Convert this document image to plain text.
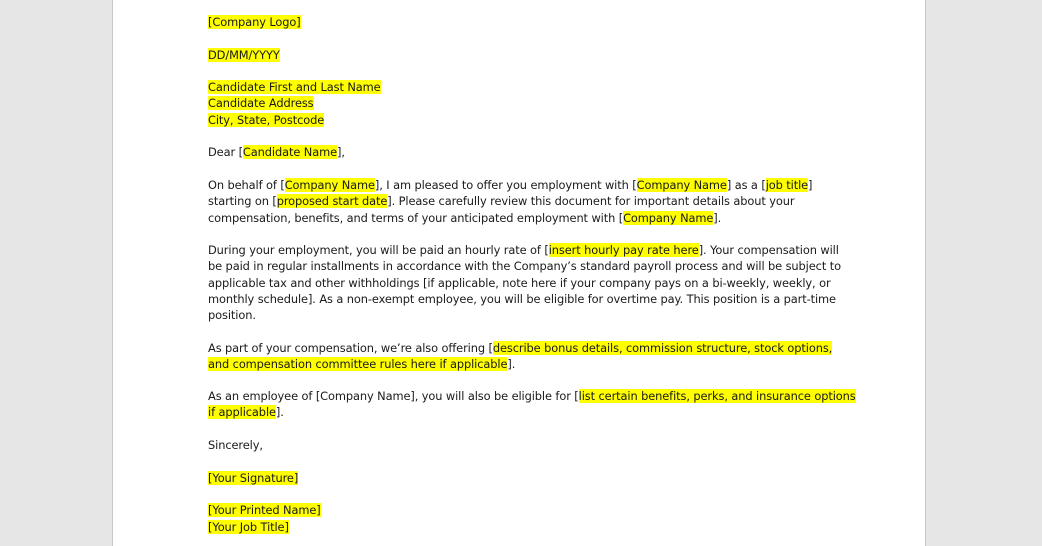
[Company Logo]
DD/MM/YYYY
Candidate First and Last Name
Candidate Address
City, State, Postcode
Dear [Candidate Name],
On behalf of [Company Name], I am pleased to offer you employment with [Company Name] as a [job title]
starting on [proposed start date]. Please carefully review this document for important details about your
compensation, benefits, and terms of your anticipated employment with [Company Name].
During your employment, you will be paid an hourly rate of [insert hourly pay rate here]. Your compensation will
be paid in regular installments in accordance with the Company’s standard payroll process and will be subject to
applicable tax and other withholdings [if applicable, note here if your company pays on a bi-weekly, weekly, or
monthly schedule]. As a non-exempt employee, you will be eligible for overtime pay. This position is a part-time
position.
As part of your compensation, we’re also offering [describe bonus details, commission structure, stock options,
and compensation committee rules here if applicable].
As an employee of [Company Name], you will also be eligible for [list certain benefits, perks, and insurance options
if applicable].
Sincerely,
[Your Signature]
[Your Printed Name]
[Your Job Title]
